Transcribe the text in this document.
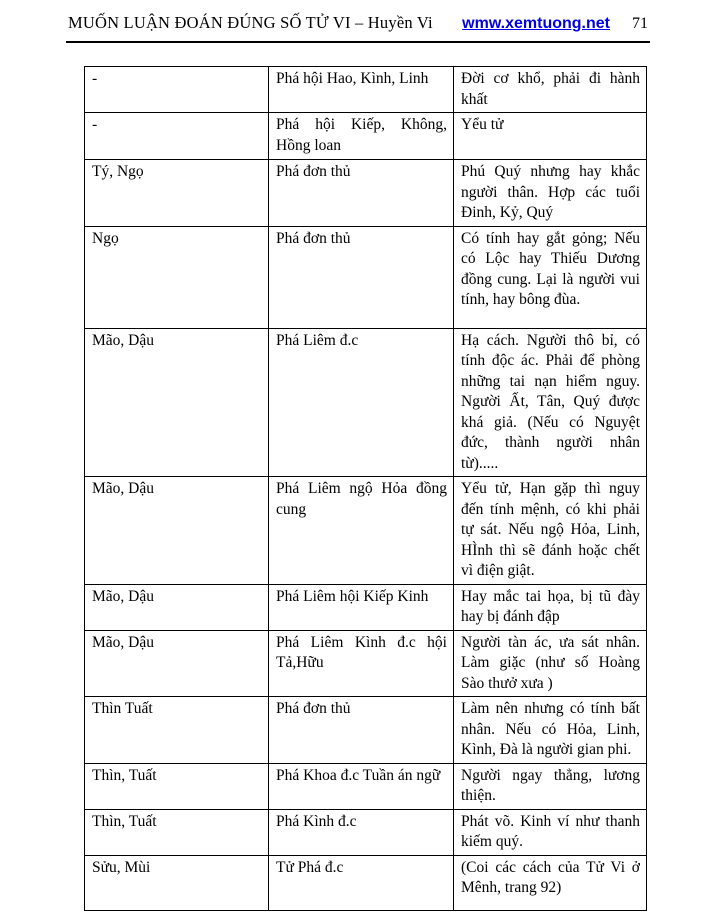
MUỐN LUẬN ĐOÁN ĐÚNG SỐ TỬ VI – Huyền Vi wmw.xemtuong.net 71
-	Phá hội Hao, Kình, Linh	Đời cơ khổ, phải đi hành khất
-	Phá hội Kiếp, Không, Hồng loan	Yểu tử
Tý, Ngọ	Phá đơn thủ	Phú Quý nhưng hay khắc người thân. Hợp các tuổi Đinh, Kỷ, Quý
Ngọ	Phá đơn thủ	Có tính hay gắt gỏng; Nếu có Lộc hay Thiếu Dương đồng cung. Lại là người vui tính, hay bông đùa.
Mão, Dậu	Phá Liêm đ.c	Hạ cách. Người thô bỉ, có tính độc ác. Phải để phòng những tai nạn hiểm nguy. Người Ất, Tân, Quý được khá giả. (Nếu có Nguyệt đức, thành người nhân từ).....
Mão, Dậu	Phá Liêm ngộ Hỏa đồng cung	Yểu tử, Hạn gặp thì nguy đến tính mệnh, có khi phải tự sát. Nếu ngộ Hỏa, Linh, HÌnh thì sẽ đánh hoặc chết vì điện giật.
Mão, Dậu	Phá Liêm hội Kiếp Kinh	Hay mắc tai họa, bị tũ đày hay bị đánh đập
Mão, Dậu	Phá Liêm Kình đ.c hội Tả,Hữu	Người tàn ác, ưa sát nhân. Làm giặc (như số Hoàng Sào thưở xưa )
Thìn Tuất	Phá đơn thủ	Làm nên nhưng có tính bất nhân. Nếu có Hỏa, Linh, Kình, Đà là người gian phi.
Thìn, Tuất	Phá Khoa đ.c Tuần án ngữ	Người ngay thẳng, lương thiện.
Thìn, Tuất	Phá Kình đ.c	Phát võ. Kinh ví như thanh kiếm quý.
Sửu, Mùi	Tử Phá đ.c	(Coi các cách của Tử Vi ở Mênh, trang 92)
